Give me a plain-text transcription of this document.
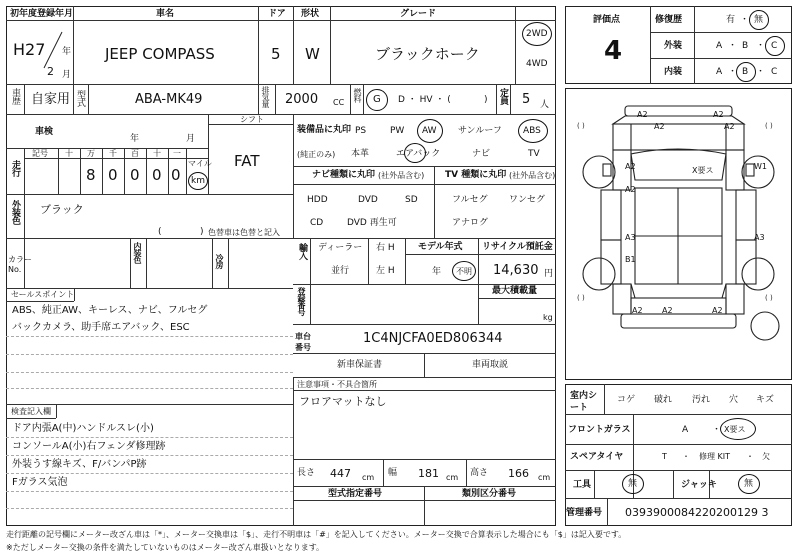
初年度登録年月	車名	ドア 形状	グレード
H27 年
2 月
JEEP COMPASS	5 W	ブラックホーク
2WD
4WD
車歴 自家用 型式	ABA-MK49	排気量 2000 CC
燃料 G D ・ HV ・ (	) 定員 5 人
車検
年	月
シフト
FAT
走行
記号 十 万 千 百 十 一
マイル
8 0 0 0 0 km
装備品に丸印
(純正のみ)
PS	PW AW サンルーフ ABS
本革	エアバック	ナビ	TV
ナビ種類に丸印 (社外品含む) TV 種類に丸印 (社外品含む)
HDD	DVD	SD
CD	DVD 再生可
フルセグ ワンセグ
アナログ
外装色 ブラック
(	) 色替車は色替と記入
カラー
No.
内装色	冷房
輸入 ディーラー
並行
右 H
左 H
モデル年式
年 不明
リサイクル預託金
14,630 円
登録番号	最大積載量
kg
車台番号
1C4NJCFA0ED806344
新車保証書	車両取説
注意事項・不具合箇所
フロアマットなし
セールスポイント
ABS、純正AW、キーレス、ナビ、フルセグ
バックカメラ、助手席エアバック、ESC
検査記入欄
ドア内張A(中)ハンドルスレ(小)
コンソールA(小)右フェンダ修理跡
外装うす線キズ、F/バンパP跡
Fガラス気泡
長さ 447 cm 幅 181 cm 高さ 166 cm
型式指定番号	類別区分番号
評価点
4
修復歴	有 ・ 無
外装	A ・ B ・ C
内装	A ・ B ・ C
( )	( )
( )	( )
A2	A2
A2	A2
X要ス
A2	W1
A2
A3	A3
B1
A2 A2	A2
室内シート
コゲ 破れ 汚れ 穴 キズ
フロントガラス	A	・ X要ス
スペアタイヤ	T ・ 修理 KIT ・ 欠
工具	無	ジャッキ	無
管理番号 0393900084220200129 3
走行距離の記号欄にメーター改ざん車は「*」、メーター交換車は「$」、走行不明車は「#」を記入してください。メーター交換で合算表示した場合にも「$」は記入要です。
※ただしメーター交換の条件を満たしていないものはメーター改ざん車扱いとなります。
